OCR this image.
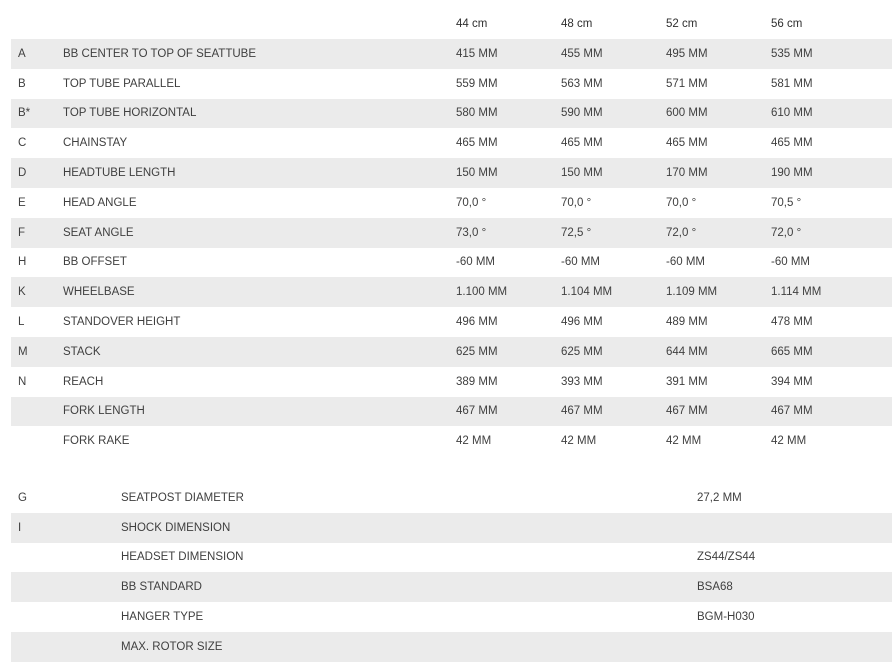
		44 cm	48 cm	52 cm	56 cm
A	BB CENTER TO TOP OF SEATTUBE	415 MM	455 MM	495 MM	535 MM
B	TOP TUBE PARALLEL	559 MM	563 MM	571 MM	581 MM
B*	TOP TUBE HORIZONTAL	580 MM	590 MM	600 MM	610 MM
C	CHAINSTAY	465 MM	465 MM	465 MM	465 MM
D	HEADTUBE LENGTH	150 MM	150 MM	170 MM	190 MM
E	HEAD ANGLE	70,0 °	70,0 °	70,0 °	70,5 °
F	SEAT ANGLE	73,0 °	72,5 °	72,0 °	72,0 °
H	BB OFFSET	-60 MM	-60 MM	-60 MM	-60 MM
K	WHEELBASE	1.100 MM	1.104 MM	1.109 MM	1.114 MM
L	STANDOVER HEIGHT	496 MM	496 MM	489 MM	478 MM
M	STACK	625 MM	625 MM	644 MM	665 MM
N	REACH	389 MM	393 MM	391 MM	394 MM
	FORK LENGTH	467 MM	467 MM	467 MM	467 MM
	FORK RAKE	42 MM	42 MM	42 MM	42 MM
G	SEATPOST DIAMETER	27,2 MM
I	SHOCK DIMENSION	
	HEADSET DIMENSION	ZS44/ZS44
	BB STANDARD	BSA68
	HANGER TYPE	BGM-H030
	MAX. ROTOR SIZE	
